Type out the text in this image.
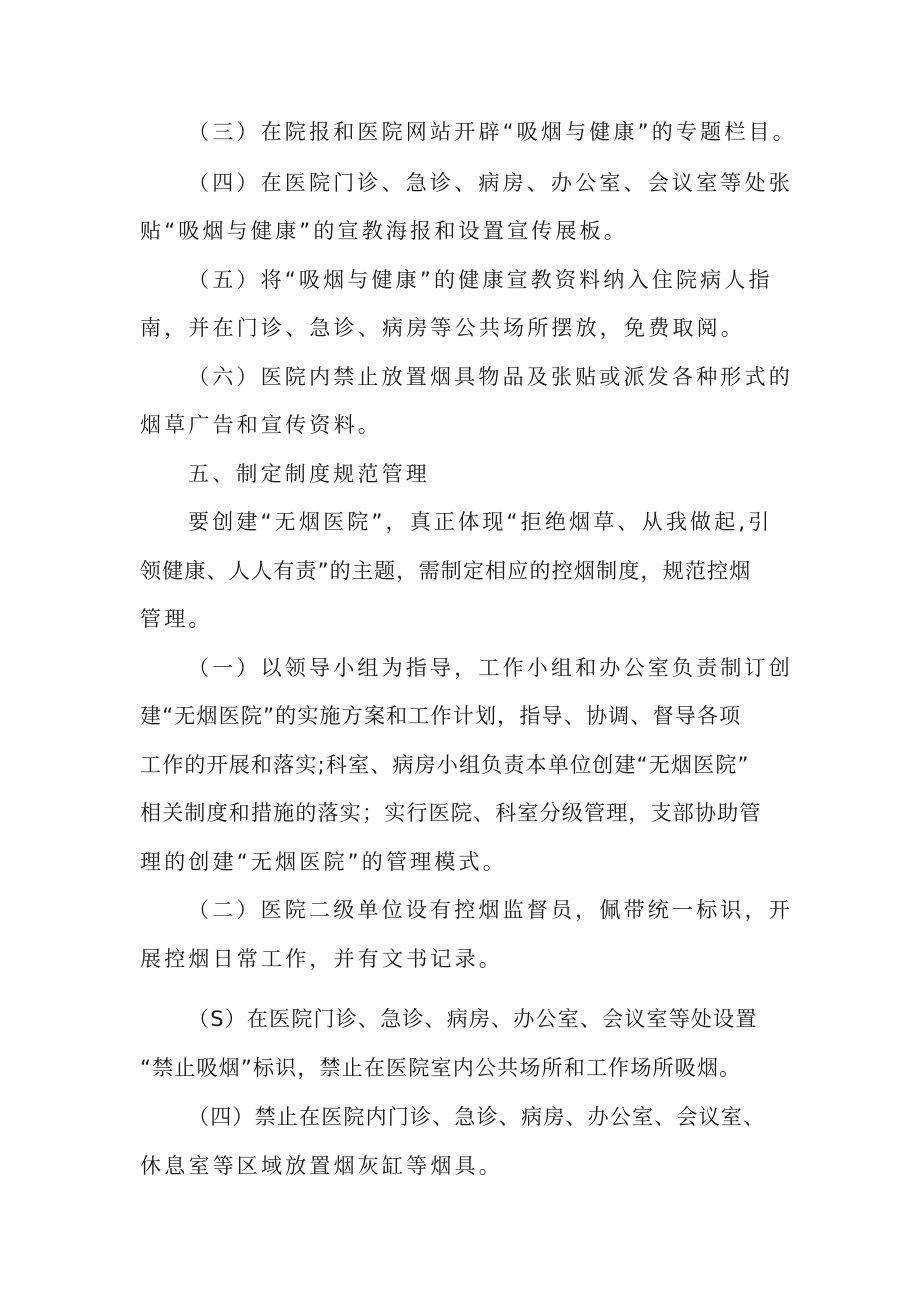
（三）在院报和医院网站开辟“吸烟与健康”的专题栏目。
（四）在医院门诊、急诊、病房、办公室、会议室等处张
贴“吸烟与健康”的宣教海报和设置宣传展板。
（五）将“吸烟与健康”的健康宣教资料纳入住院病人指
南，并在门诊、急诊、病房等公共场所摆放，免费取阅。
（六）医院内禁止放置烟具物品及张贴或派发各种形式的
烟草广告和宣传资料。
五、制定制度规范管理
要创建“无烟医院”，真正体现“拒绝烟草、从我做起,引
领健康、人人有责”的主题，需制定相应的控烟制度，规范控烟
管理。
（一）以领导小组为指导，工作小组和办公室负责制订创
建“无烟医院”的实施方案和工作计划，指导、协调、督导各项
工作的开展和落实;科室、病房小组负责本单位创建“无烟医院”
相关制度和措施的落实；实行医院、科室分级管理，支部协助管
理的创建“无烟医院”的管理模式。
（二）医院二级单位设有控烟监督员，佩带统一标识，开
展控烟日常工作，并有文书记录。
（S）在医院门诊、急诊、病房、办公室、会议室等处设置
“禁止吸烟”标识，禁止在医院室内公共场所和工作场所吸烟。
（四）禁止在医院内门诊、急诊、病房、办公室、会议室、
休息室等区域放置烟灰缸等烟具。
